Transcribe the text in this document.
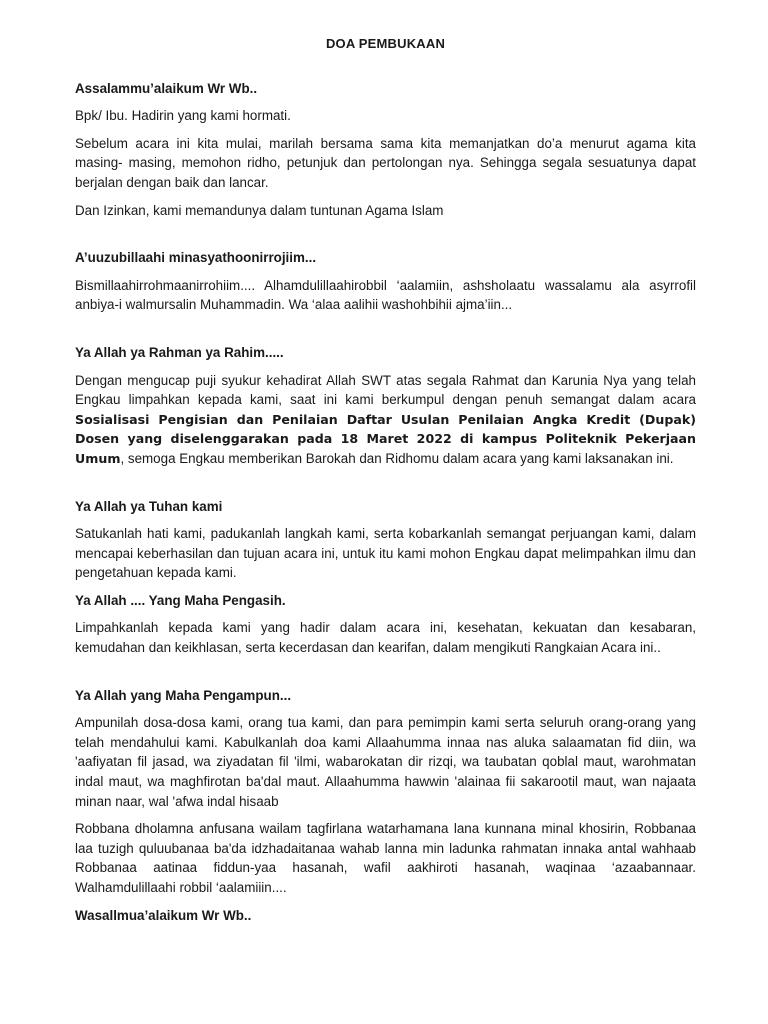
DOA PEMBUKAAN
Assalammu’alaikum Wr Wb..

Bpk/ Ibu. Hadirin yang kami hormati.

Sebelum acara ini kita mulai, marilah bersama sama kita memanjatkan do’a menurut agama kita masing- masing, memohon ridho, petunjuk dan pertolongan nya. Sehingga segala sesuatunya dapat berjalan dengan baik dan lancar.

Dan Izinkan, kami memandunya dalam tuntunan Agama Islam

A’uuzubillaahi minasyathoonirrojiim...

Bismillaahirrohmaanirrohiim.... Alhamdulillaahirobbil ‘aalamiin, ashsholaatu wassalamu ala asyrrofil anbiya-i walmursalin Muhammadin. Wa ‘alaa aalihii washohbihii ajma’iin...

Ya Allah ya Rahman ya Rahim.....

Dengan mengucap puji syukur kehadirat Allah SWT atas segala Rahmat dan Karunia Nya yang telah Engkau limpahkan kepada kami, saat ini kami berkumpul dengan penuh semangat dalam acara Sosialisasi Pengisian dan Penilaian Daftar Usulan Penilaian Angka Kredit (Dupak) Dosen yang diselenggarakan pada 18 Maret 2022 di kampus Politeknik Pekerjaan Umum, semoga Engkau memberikan Barokah dan Ridhomu dalam acara yang kami laksanakan ini.

Ya Allah ya Tuhan kami

Satukanlah hati kami, padukanlah langkah kami, serta kobarkanlah semangat perjuangan kami, dalam mencapai keberhasilan dan tujuan acara ini, untuk itu kami mohon Engkau dapat melimpahkan ilmu dan pengetahuan kepada kami.

Ya Allah .... Yang Maha Pengasih.

Limpahkanlah kepada kami yang hadir dalam acara ini, kesehatan, kekuatan dan kesabaran, kemudahan dan keikhlasan, serta kecerdasan dan kearifan, dalam mengikuti Rangkaian Acara ini..

Ya Allah yang Maha Pengampun...

Ampunilah dosa-dosa kami, orang tua kami, dan para pemimpin kami serta seluruh orang-orang yang telah mendahului kami. Kabulkanlah doa kami Allaahumma innaa nas aluka salaamatan fid diin, wa 'aafiyatan fil jasad, wa ziyadatan fil 'ilmi, wabarokatan dir rizqi, wa taubatan qoblal maut, warohmatan indal maut, wa maghfirotan ba'dal maut. Allaahumma hawwin 'alainaa fii sakarootil maut, wan najaata minan naar, wal 'afwa indal hisaab

Robbana dholamna anfusana wailam tagfirlana watarhamana lana kunnana minal khosirin, Robbanaa laa tuzigh quluubanaa ba'da idzhadaitanaa wahab lanna min ladunka rahmatan innaka antal wahhaab Robbanaa aatinaa fiddun-yaa hasanah, wafil aakhiroti hasanah, waqinaa ‘azaabannaar. Walhamdulillaahi robbil ‘aalamiiin....

Wasallmua’alaikum Wr Wb..
